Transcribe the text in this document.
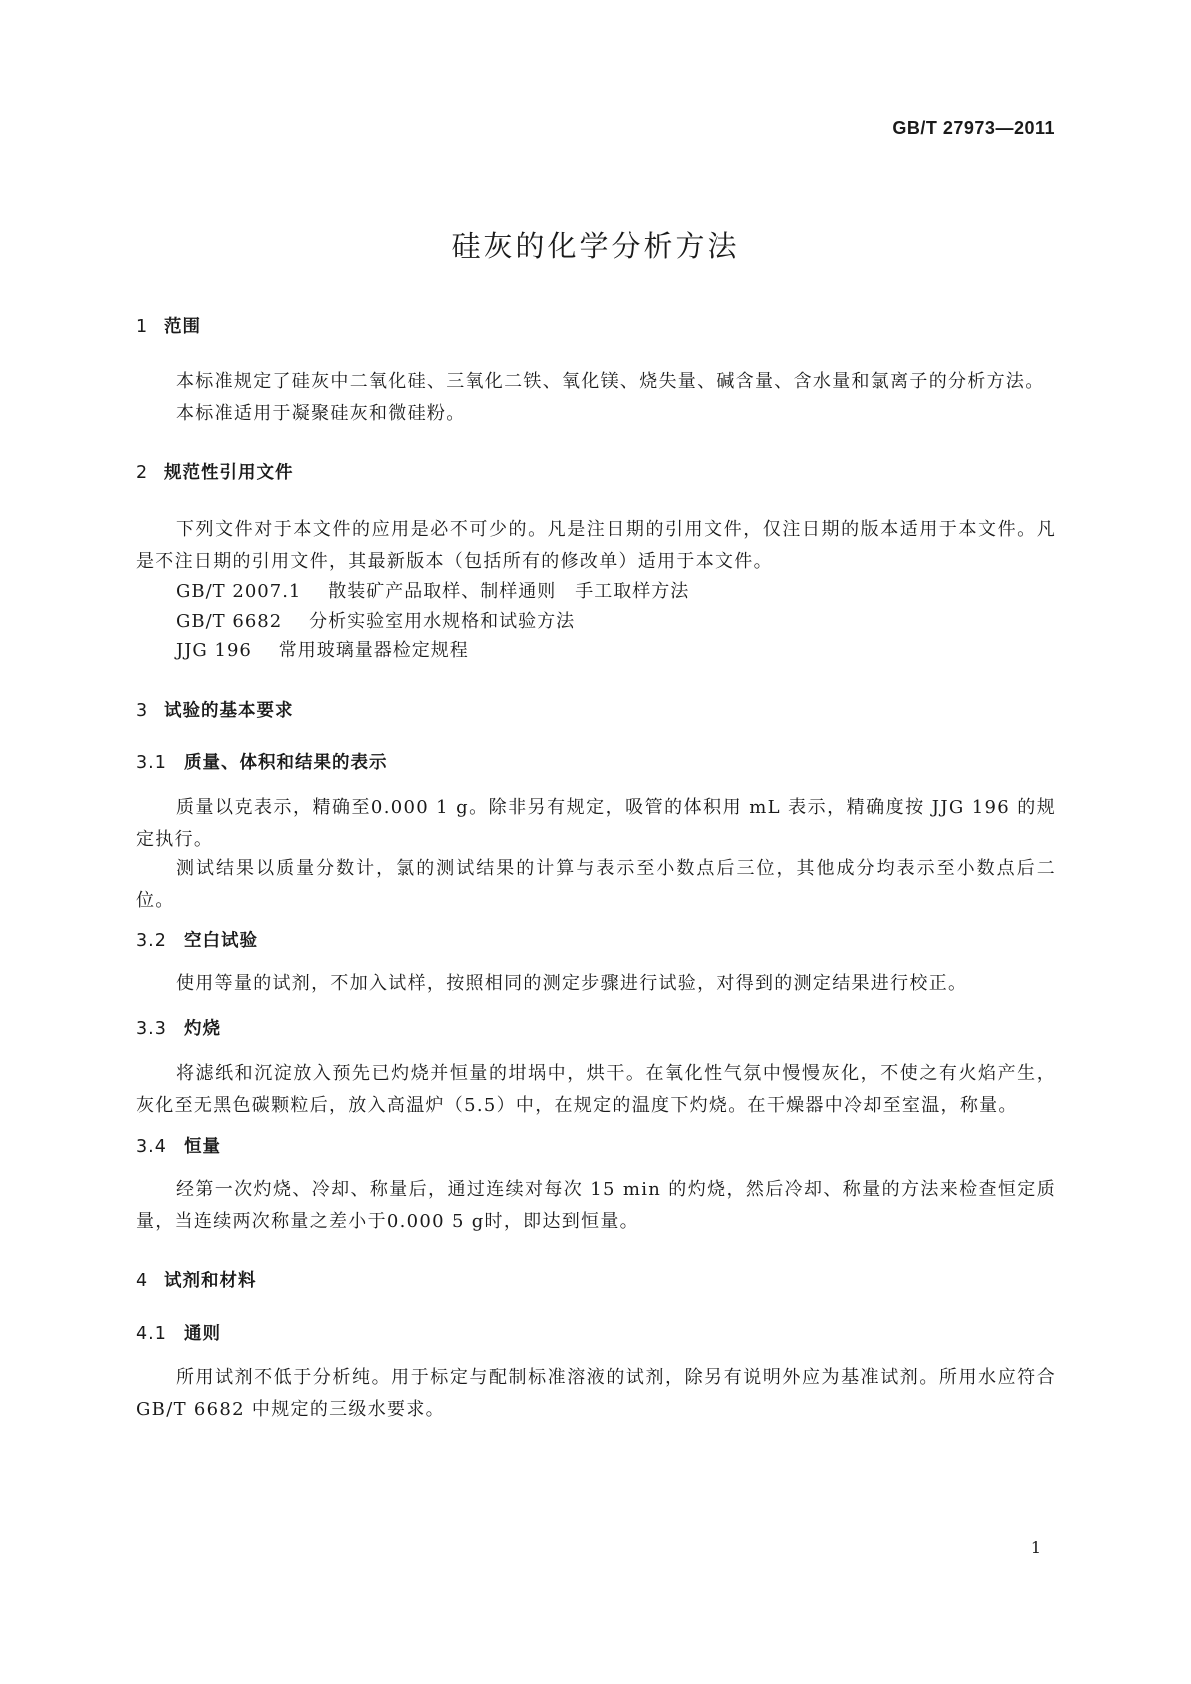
GB/T 27973—2011
硅灰的化学分析方法
1 范围

本标准规定了硅灰中二氧化硅、三氧化二铁、氧化镁、烧失量、碱含量、含水量和氯离子的分析方法。

本标准适用于凝聚硅灰和微硅粉。

2 规范性引用文件

下列文件对于本文件的应用是必不可少的。凡是注日期的引用文件，仅注日期的版本适用于本文件。凡是不注日期的引用文件，其最新版本（包括所有的修改单）适用于本文件。

GB/T 2007.1 散装矿产品取样、制样通则　手工取样方法
GB/T 6682 分析实验室用水规格和试验方法
JJG 196 常用玻璃量器检定规程
3 试验的基本要求
3.1 质量、体积和结果的表示

质量以克表示，精确至0.000 1 g。除非另有规定，吸管的体积用 mL 表示，精确度按 JJG 196 的规定执行。

测试结果以质量分数计，氯的测试结果的计算与表示至小数点后三位，其他成分均表示至小数点后二位。

3.2 空白试验

使用等量的试剂，不加入试样，按照相同的测定步骤进行试验，对得到的测定结果进行校正。

3.3 灼烧

将滤纸和沉淀放入预先已灼烧并恒量的坩埚中，烘干。在氧化性气氛中慢慢灰化，不使之有火焰产生，灰化至无黑色碳颗粒后，放入高温炉（5.5）中，在规定的温度下灼烧。在干燥器中冷却至室温，称量。

3.4 恒量

经第一次灼烧、冷却、称量后，通过连续对每次 15 min 的灼烧，然后冷却、称量的方法来检查恒定质量，当连续两次称量之差小于0.000 5 g时，即达到恒量。

4 试剂和材料
4.1 通则

所用试剂不低于分析纯。用于标定与配制标准溶液的试剂，除另有说明外应为基准试剂。所用水应符合 GB/T 6682 中规定的三级水要求。

1
